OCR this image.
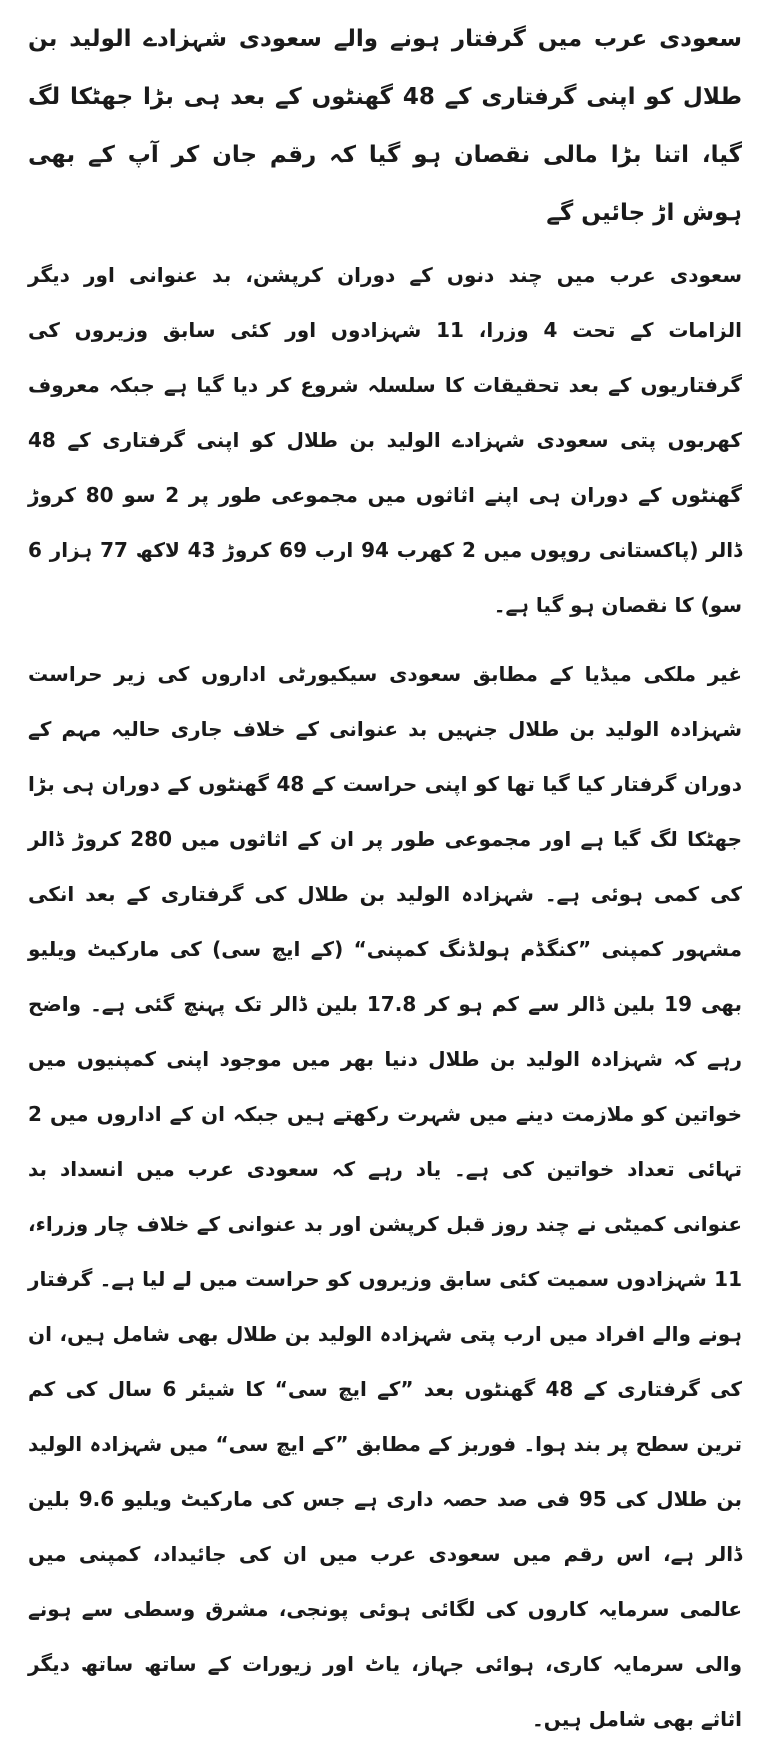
سعودی عرب میں گرفتار ہونے والے سعودی شہزادے الولید بن طلال کو اپنی گرفتاری کے 48 گھنٹوں کے بعد ہی بڑا جھٹکا لگ گیا، اتنا بڑا مالی نقصان ہو گیا کہ رقم جان کر آپ کے بھی ہوش اڑ جائیں گے

سعودی عرب میں چند دنوں کے دوران کرپشن، بد عنوانی اور دیگر الزامات کے تحت 4 وزرا، 11 شہزادوں اور کئی سابق وزیروں کی گرفتاریوں کے بعد تحقیقات کا سلسلہ شروع کر دیا گیا ہے جبکہ معروف کھربوں پتی سعودی شہزادے الولید بن طلال کو اپنی گرفتاری کے 48 گھنٹوں کے دوران ہی اپنے اثاثوں میں مجموعی طور پر 2 سو 80 کروڑ ڈالر (پاکستانی روپوں میں 2 کھرب 94 ارب 69 کروڑ 43 لاکھ 77 ہزار 6 سو) کا نقصان ہو گیا ہے۔

غیر ملکی میڈیا کے مطابق سعودی سیکیورٹی اداروں کی زیر حراست شہزادہ الولید بن طلال جنہیں بد عنوانی کے خلاف جاری حالیہ مہم کے دوران گرفتار کیا گیا تھا کو اپنی حراست کے 48 گھنٹوں کے دوران ہی بڑا جھٹکا لگ گیا ہے اور مجموعی طور پر ان کے اثاثوں میں 280 کروڑ ڈالر کی کمی ہوئی ہے۔ شہزادہ الولید بن طلال کی گرفتاری کے بعد انکی مشہور کمپنی ”کنگڈم ہولڈنگ کمپنی“ (کے ایچ سی) کی مارکیٹ ویلیو بھی 19 بلین ڈالر سے کم ہو کر 17.8 بلین ڈالر تک پہنچ گئی ہے۔ واضح رہے کہ شہزادہ الولید بن طلال دنیا بھر میں موجود اپنی کمپنیوں میں خواتین کو ملازمت دینے میں شہرت رکھتے ہیں جبکہ ان کے اداروں میں 2 تہائی تعداد خواتین کی ہے۔ یاد رہے کہ سعودی عرب میں انسداد بد عنوانی کمیٹی نے چند روز قبل کرپشن اور بد عنوانی کے خلاف چار وزراء، 11 شہزادوں سمیت کئی سابق وزیروں کو حراست میں لے لیا ہے۔ گرفتار ہونے والے افراد میں ارب پتی شہزادہ الولید بن طلال بھی شامل ہیں، ان کی گرفتاری کے 48 گھنٹوں بعد ”کے ایچ سی“ کا شیئر 6 سال کی کم ترین سطح پر بند ہوا۔ فوربز کے مطابق ”کے ایچ سی“ میں شہزادہ الولید بن طلال کی 95 فی صد حصہ داری ہے جس کی مارکیٹ ویلیو 9.6 بلین ڈالر ہے، اس رقم میں سعودی عرب میں ان کی جائیداد، کمپنی میں عالمی سرمایہ کاروں کی لگائی ہوئی پونجی، مشرق وسطی سے ہونے والی سرمایہ کاری، ہوائی جہاز، یاٹ اور زیورات کے ساتھ ساتھ دیگر اثاثے بھی شامل ہیں۔
